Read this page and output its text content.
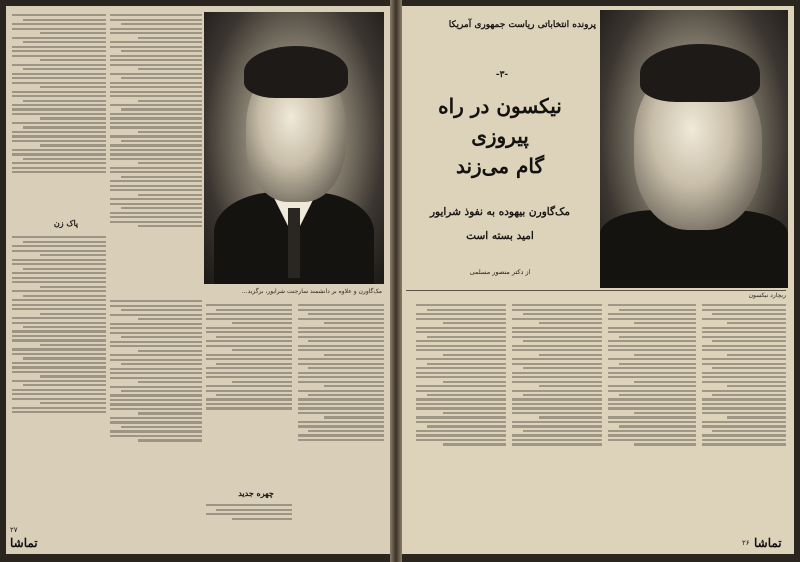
مک‌گاورن و علاوه بر دانشمند سارجنت شرایور، برگزید...
پاک زن
چهره جدید
تماشا
۲۷
پرونده انتخاباتی ریاست جمهوری آمریکا
-۳-
نیکسون در راه
پیروزی
گام می‌زند
مک‌گاورن بیهوده به نفوذ شرایور
امید بسته است
از دکتر منصور مسلمی
ریچارد نیکسون
تماشا
۲۶
